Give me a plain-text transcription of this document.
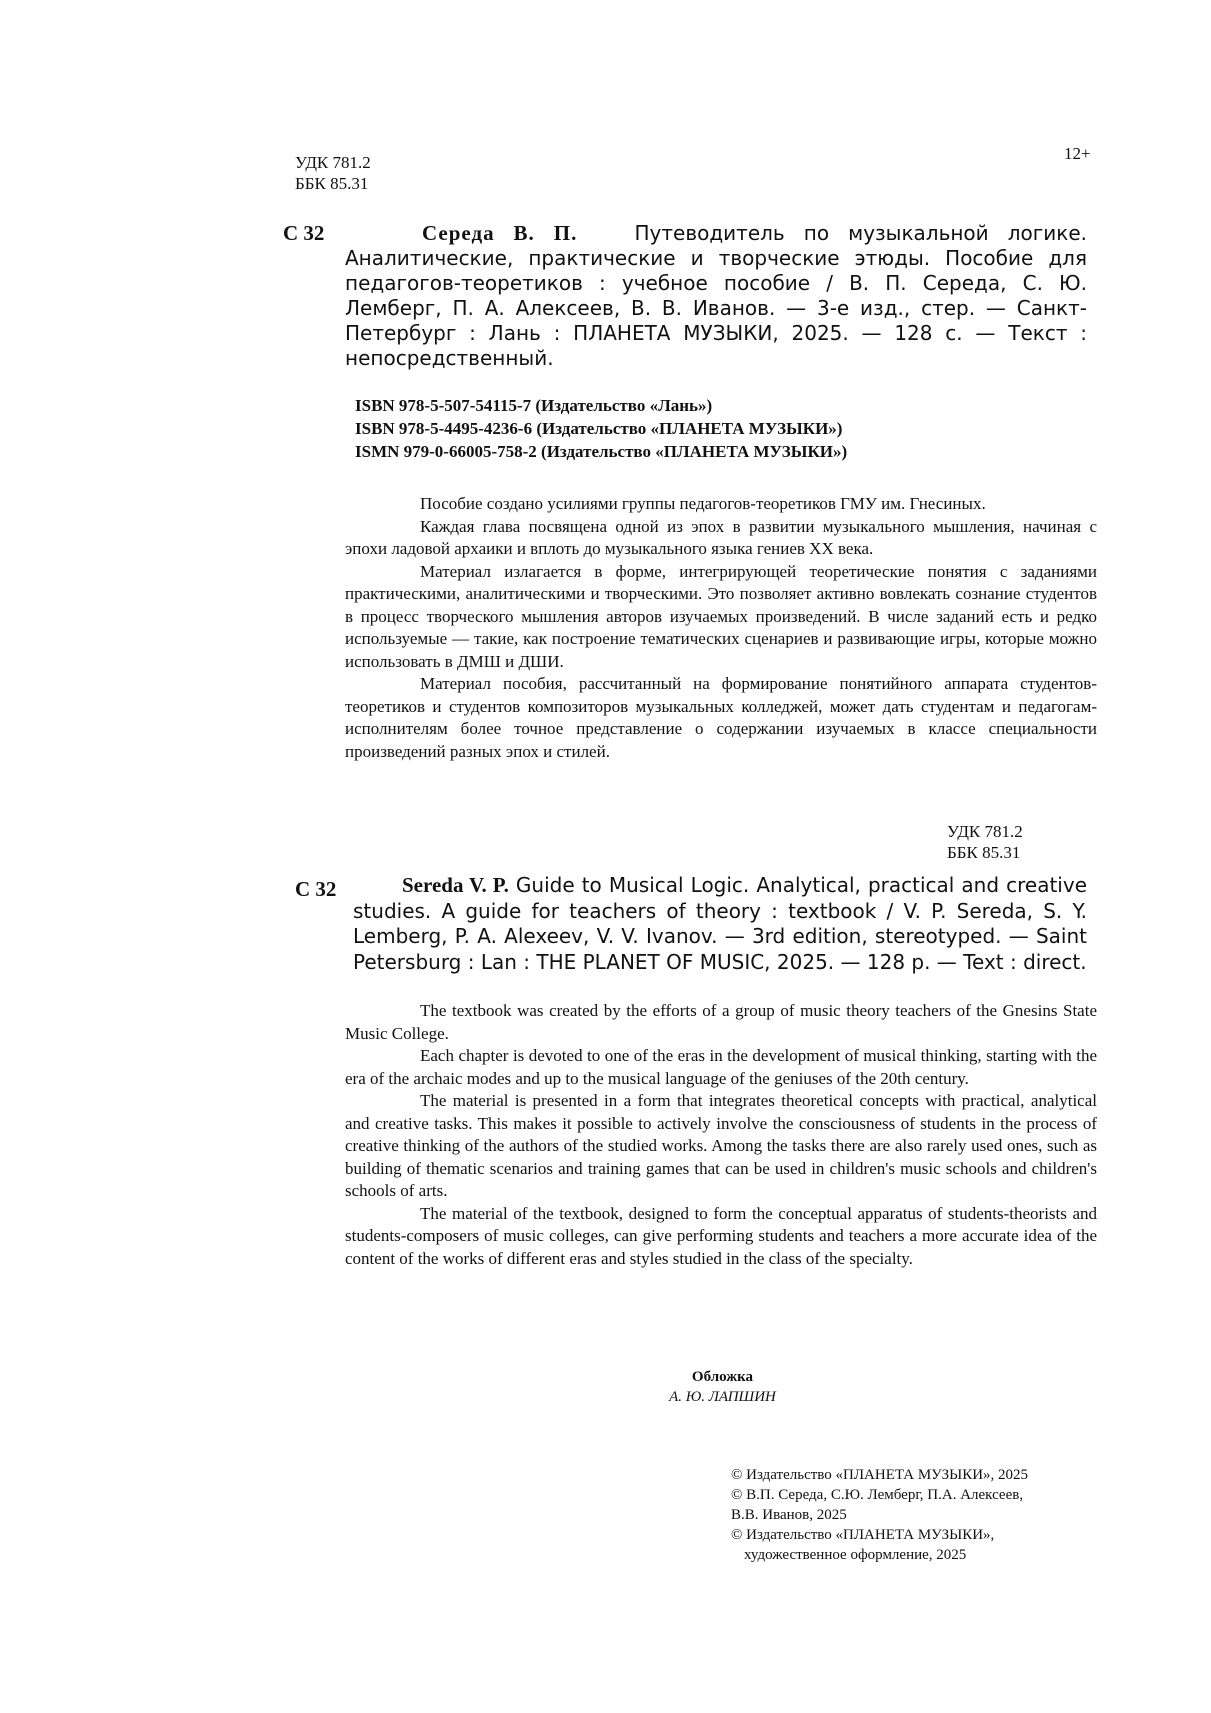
УДК 781.2
ББК 85.31
12+
С 32	Середа В. П.	Путеводитель по музыкальной логике. Аналитические, практические и творческие этюды. Пособие для педагогов-теоретиков : учебное пособие / В. П. Середа, С. Ю. Лемберг, П. А. Алексеев, В. В. Иванов. — 3-е изд., стер. — Санкт-Петербург : Лань : ПЛАНЕТА МУЗЫКИ, 2025. — 128 с. — Текст : непосредственный.
ISBN 978-5-507-54115-7 (Издательство «Лань»)
ISBN 978-5-4495-4236-6 (Издательство «ПЛАНЕТА МУЗЫКИ»)
ISMN 979-0-66005-758-2 (Издательство «ПЛАНЕТА МУЗЫКИ»)

Пособие создано усилиями группы педагогов-теоретиков ГМУ им. Гнесиных.

Каждая глава посвящена одной из эпох в развитии музыкального мышления, начиная с эпохи ладовой архаики и вплоть до музыкального языка гениев XX века.

Материал излагается в форме, интегрирующей теоретические понятия с заданиями практическими, аналитическими и творческими. Это позволяет активно вовлекать сознание студентов в процесс творческого мышления авторов изучаемых произведений. В числе заданий есть и редко используемые — такие, как построение тематических сценариев и развивающие игры, которые можно использовать в ДМШ и ДШИ.

Материал пособия, рассчитанный на формирование понятийного аппарата студентов-теоретиков и студентов композиторов музыкальных колледжей, может дать студентам и педагогам-исполнителям более точное представление о содержании изучаемых в классе специальности произведений разных эпох и стилей.

УДК 781.2
ББК 85.31
С 32	Sereda V. P. Guide to Musical Logic. Analytical, practical and creative studies. A guide for teachers of theory : textbook / V. P. Sereda, S. Y. Lemberg, P. A. Alexeev, V. V. Ivanov. — 3rd edition, stereotyped. — Saint Petersburg : Lan : THE PLANET OF MUSIC, 2025. — 128 p. — Text : direct.

The textbook was created by the efforts of a group of music theory teachers of the Gnesins State Music College.

Each chapter is devoted to one of the eras in the development of musical thinking, starting with the era of the archaic modes and up to the musical language of the geniuses of the 20th century.

The material is presented in a form that integrates theoretical concepts with practical, analytical and creative tasks. This makes it possible to actively involve the consciousness of students in the process of creative thinking of the authors of the studied works. Among the tasks there are also rarely used ones, such as building of thematic scenarios and training games that can be used in children's music schools and children's schools of arts.

The material of the textbook, designed to form the conceptual apparatus of students-theorists and students-composers of music colleges, can give performing students and teachers a more accurate idea of the content of the works of different eras and styles studied in the class of the specialty.

Обложка
А. Ю. ЛАПШИН
© Издательство «ПЛАНЕТА МУЗЫКИ», 2025
© В.П. Середа, С.Ю. Лемберг, П.А. Алексеев,
В.В. Иванов, 2025
© Издательство «ПЛАНЕТА МУЗЫКИ»,
художественное оформление, 2025
